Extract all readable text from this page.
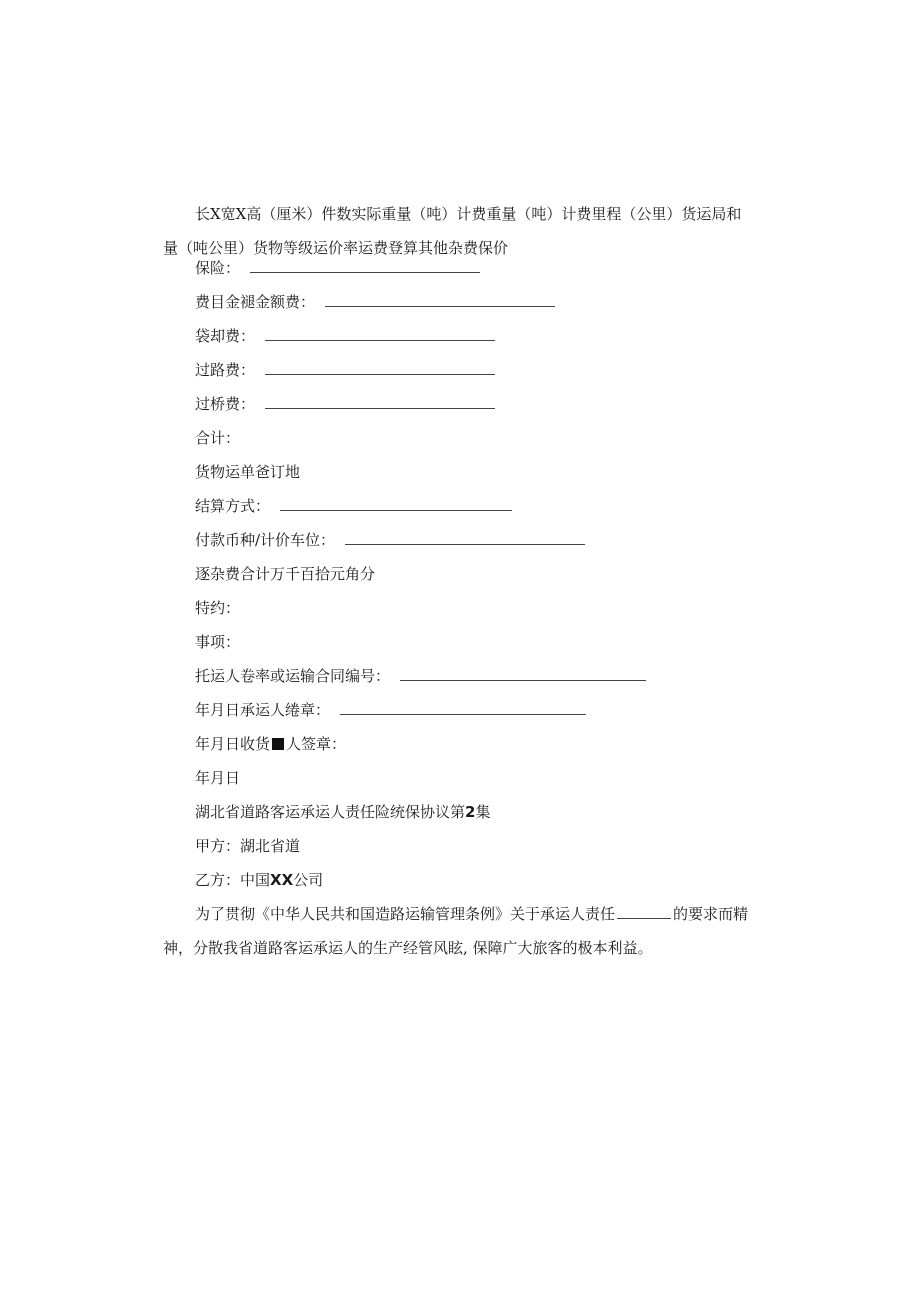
长X宽X高（厘米）件数实际重量（吨）计费重量（吨）计费里程（公里）货运局和量（吨公里）货物等级运价率运费登算其他杂费保价

保险：
费目金褪金额费：
袋却费：
过路费：
过桥费：
合计：
货物运单爸订地
结算方式：
付款币种/计价车位：
逐杂费合计万千百拾元角分
特约：
事项：
托运人卷率或运输合同编号：
年月日承运人绻章：
年月日收货 人签章：
年月日
湖北省道路客运承运人责任险统保协议第2集
甲方：湖北省道
乙方：中国XX公司

为了贯彻《中华人民共和国造路运输管理条例》关于承运人责任	的要求而精神，分散我省道路客运承运人的生产经管风眩, 保障广大旅客的极本利益。
